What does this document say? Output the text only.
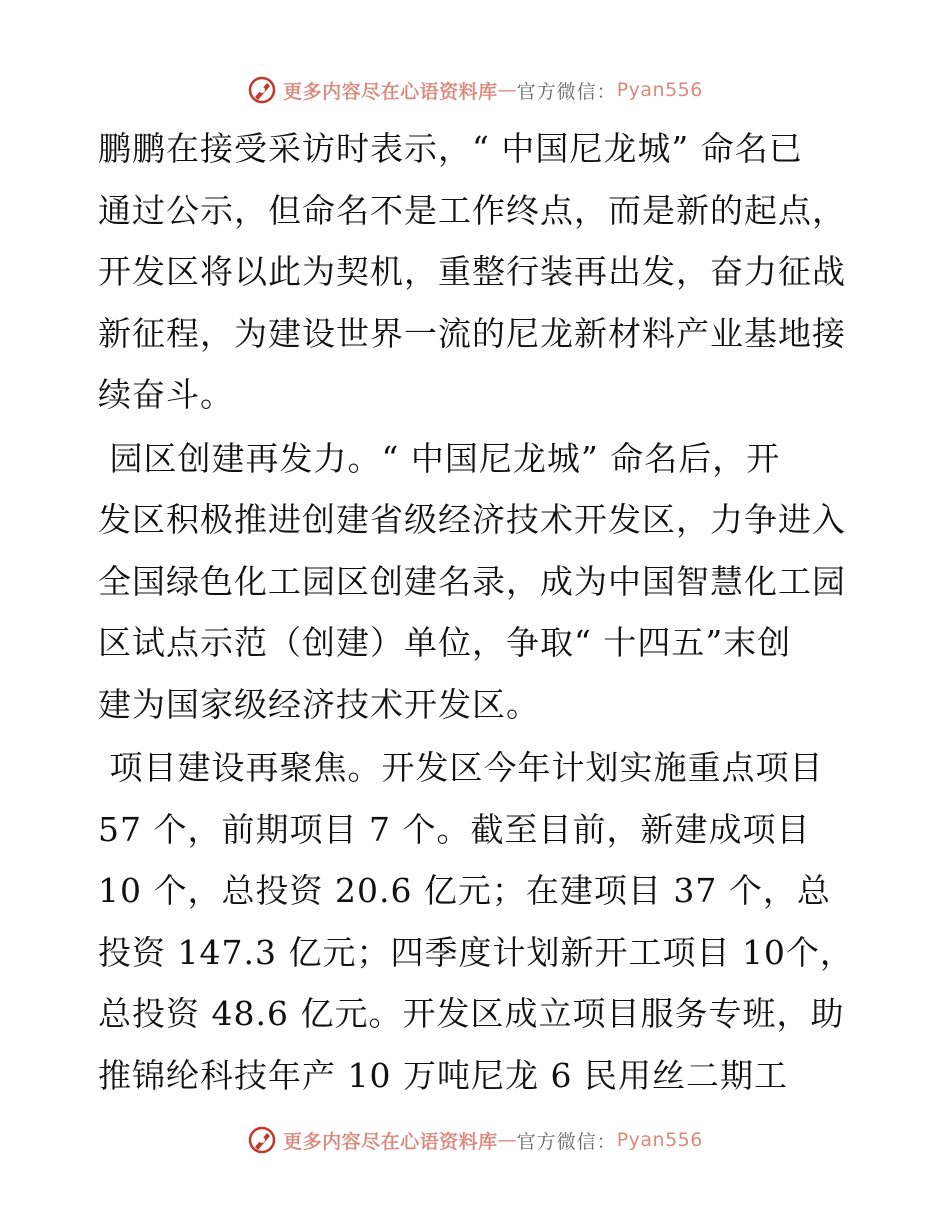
更多内容尽在心语资料库 — 官方微信： Pyan556
鹏鹏在接受采访时表示，“ 中国尼龙城” 命名已
通过公示，但命名不是工作终点，而是新的起点，
开发区将以此为契机，重整行装再出发，奋力征战
新征程，为建设世界一流的尼龙新材料产业基地接
续奋斗。
园区创建再发力。“ 中国尼龙城” 命名后，开
发区积极推进创建省级经济技术开发区，力争进入
全国绿色化工园区创建名录，成为中国智慧化工园
区试点示范（创建）单位，争取“ 十四五”末创
建为国家级经济技术开发区。
项目建设再聚焦。开发区今年计划实施重点项目
57 个，前期项目 7 个。截至目前，新建成项目
10 个，总投资 20.6 亿元；在建项目 37 个，总
投资 147.3 亿元；四季度计划新开工项目 10个，
总投资 48.6 亿元。开发区成立项目服务专班，助
推锦纶科技年产 10 万吨尼龙 6 民用丝二期工
更多内容尽在心语资料库 — 官方微信： Pyan556
